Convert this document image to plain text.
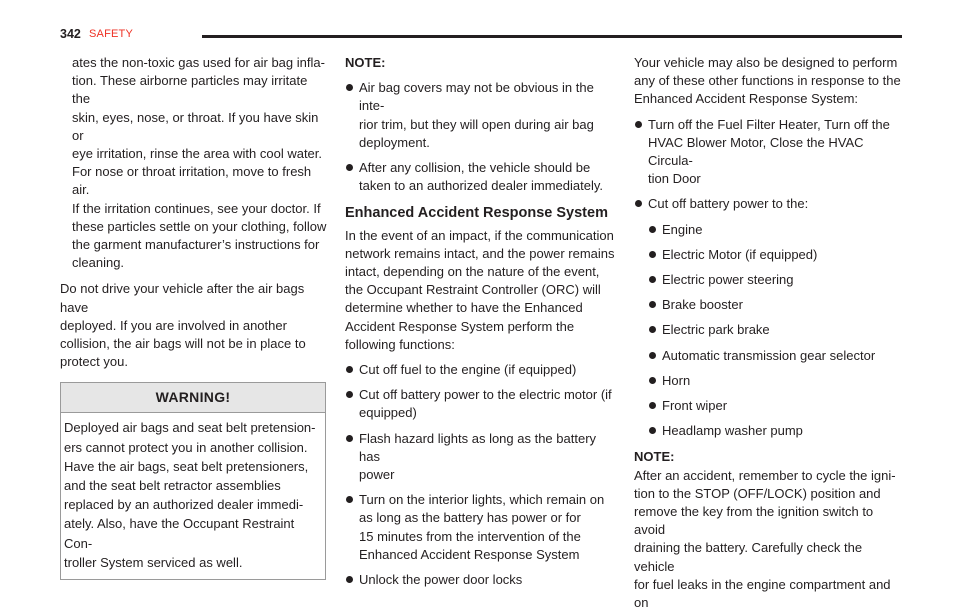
342 SAFETY

ates the non-toxic gas used for air bag infla-

tion. These airborne particles may irritate the

skin, eyes, nose, or throat. If you have skin or

eye irritation, rinse the area with cool water.

For nose or throat irritation, move to fresh air.

If the irritation continues, see your doctor. If

these particles settle on your clothing, follow

the garment manufacturer’s instructions for

cleaning.

Do not drive your vehicle after the air bags have

deployed. If you are involved in another

collision, the air bags will not be in place to

protect you.

WARNING!

Deployed air bags and seat belt pretension-

ers cannot protect you in another collision.

Have the air bags, seat belt pretensioners,

and the seat belt retractor assemblies

replaced by an authorized dealer immedi-

ately. Also, have the Occupant Restraint Con-

troller System serviced as well.

NOTE:

Air bag covers may not be obvious in the inte-

rior trim, but they will open during air bag

deployment.

After any collision, the vehicle should be

taken to an authorized dealer immediately.

Enhanced Accident Response System

In the event of an impact, if the communication

network remains intact, and the power remains

intact, depending on the nature of the event,

the Occupant Restraint Controller (ORC) will

determine whether to have the Enhanced

Accident Response System perform the

following functions:

Cut off fuel to the engine (if equipped)

Cut off battery power to the electric motor (if

equipped)

Flash hazard lights as long as the battery has

power

Turn on the interior lights, which remain on

as long as the battery has power or for

15 minutes from the intervention of the

Enhanced Accident Response System

Unlock the power door locks

Your vehicle may also be designed to perform

any of these other functions in response to the

Enhanced Accident Response System:

Turn off the Fuel Filter Heater, Turn off the

HVAC Blower Motor, Close the HVAC Circula-

tion Door

Cut off battery power to the:

Engine

Electric Motor (if equipped)

Electric power steering

Brake booster

Electric park brake

Automatic transmission gear selector

Horn

Front wiper

Headlamp washer pump

NOTE:

After an accident, remember to cycle the igni-

tion to the STOP (OFF/LOCK) position and

remove the key from the ignition switch to avoid

draining the battery. Carefully check the vehicle

for fuel leaks in the engine compartment and on
